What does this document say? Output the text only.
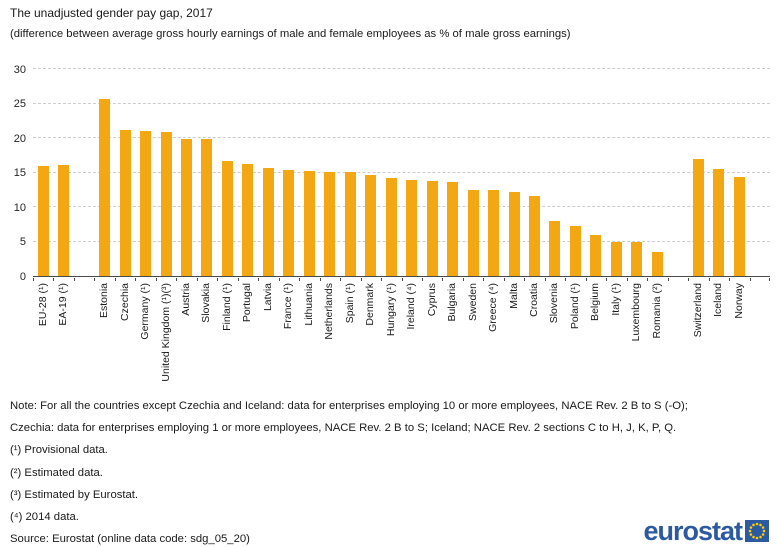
The unadjusted gender pay gap, 2017
(difference between average gross hourly earnings of male and female employees as % of male gross earnings)
0
5
10
15
20
25
30
EU-28 (¹) EA-19 (¹)	Estonia Czechia Germany (¹) United Kingdom (¹)(³) Austria Slovakia Finland (¹) Portugal Latvia France (¹) Lithuania Netherlands Spain (¹) Denmark Hungary (¹) Ireland (⁴) Cyprus Bulgaria Sweden Greece (⁴) Malta Croatia Slovenia Poland (¹) Belgium Italy (¹) Luxembourg Romania (²)	Switzerland Iceland Norway
Note: For all the countries except Czechia and Iceland: data for enterprises employing 10 or more employees, NACE Rev. 2 B to S (-O);
Czechia: data for enterprises employing 1 or more employees, NACE Rev. 2 B to S; Iceland; NACE Rev. 2 sections C to H, J, K, P, Q.
(¹) Provisional data.
(²) Estimated data.
(³) Estimated by Eurostat.
(⁴) 2014 data.
Source: Eurostat (online data code: sdg_05_20)	eurostat
